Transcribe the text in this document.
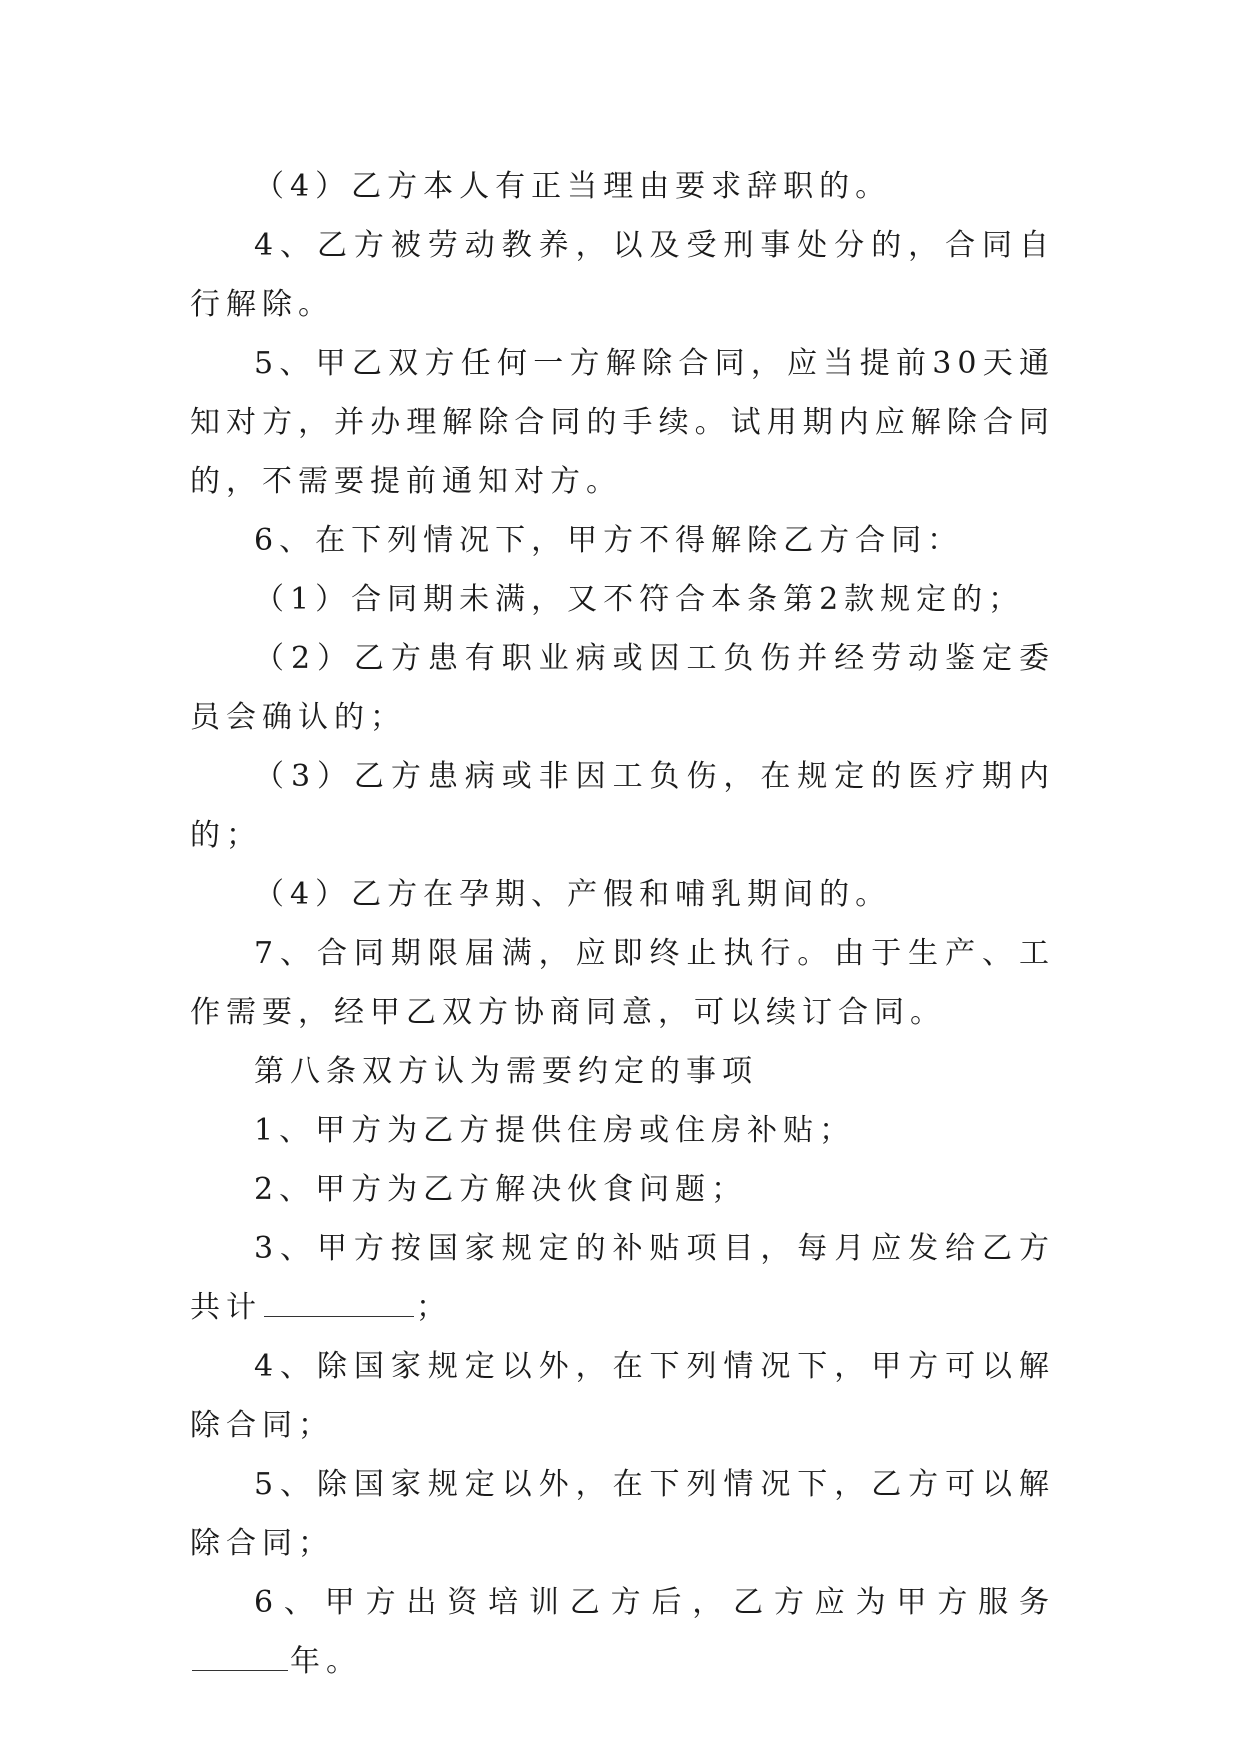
（4）乙方本人有正当理由要求辞职的。

4、乙方被劳动教养，以及受刑事处分的，合同自行解除。

5、甲乙双方任何一方解除合同，应当提前30天通知对方，并办理解除合同的手续。试用期内应解除合同的，不需要提前通知对方。

6、在下列情况下，甲方不得解除乙方合同：

（1）合同期未满，又不符合本条第2款规定的；

（2）乙方患有职业病或因工负伤并经劳动鉴定委员会确认的；

（3）乙方患病或非因工负伤，在规定的医疗期内的；

（4）乙方在孕期、产假和哺乳期间的。

7、合同期限届满，应即终止执行。由于生产、工作需要，经甲乙双方协商同意，可以续订合同。

第八条双方认为需要约定的事项

1、甲方为乙方提供住房或住房补贴；

2、甲方为乙方解决伙食问题；

3、甲方按国家规定的补贴项目，每月应发给乙方共计	；

4、除国家规定以外，在下列情况下，甲方可以解除合同；

5、除国家规定以外，在下列情况下，乙方可以解除合同；

6、甲方出资培训乙方后，乙方应为甲方服务年。
